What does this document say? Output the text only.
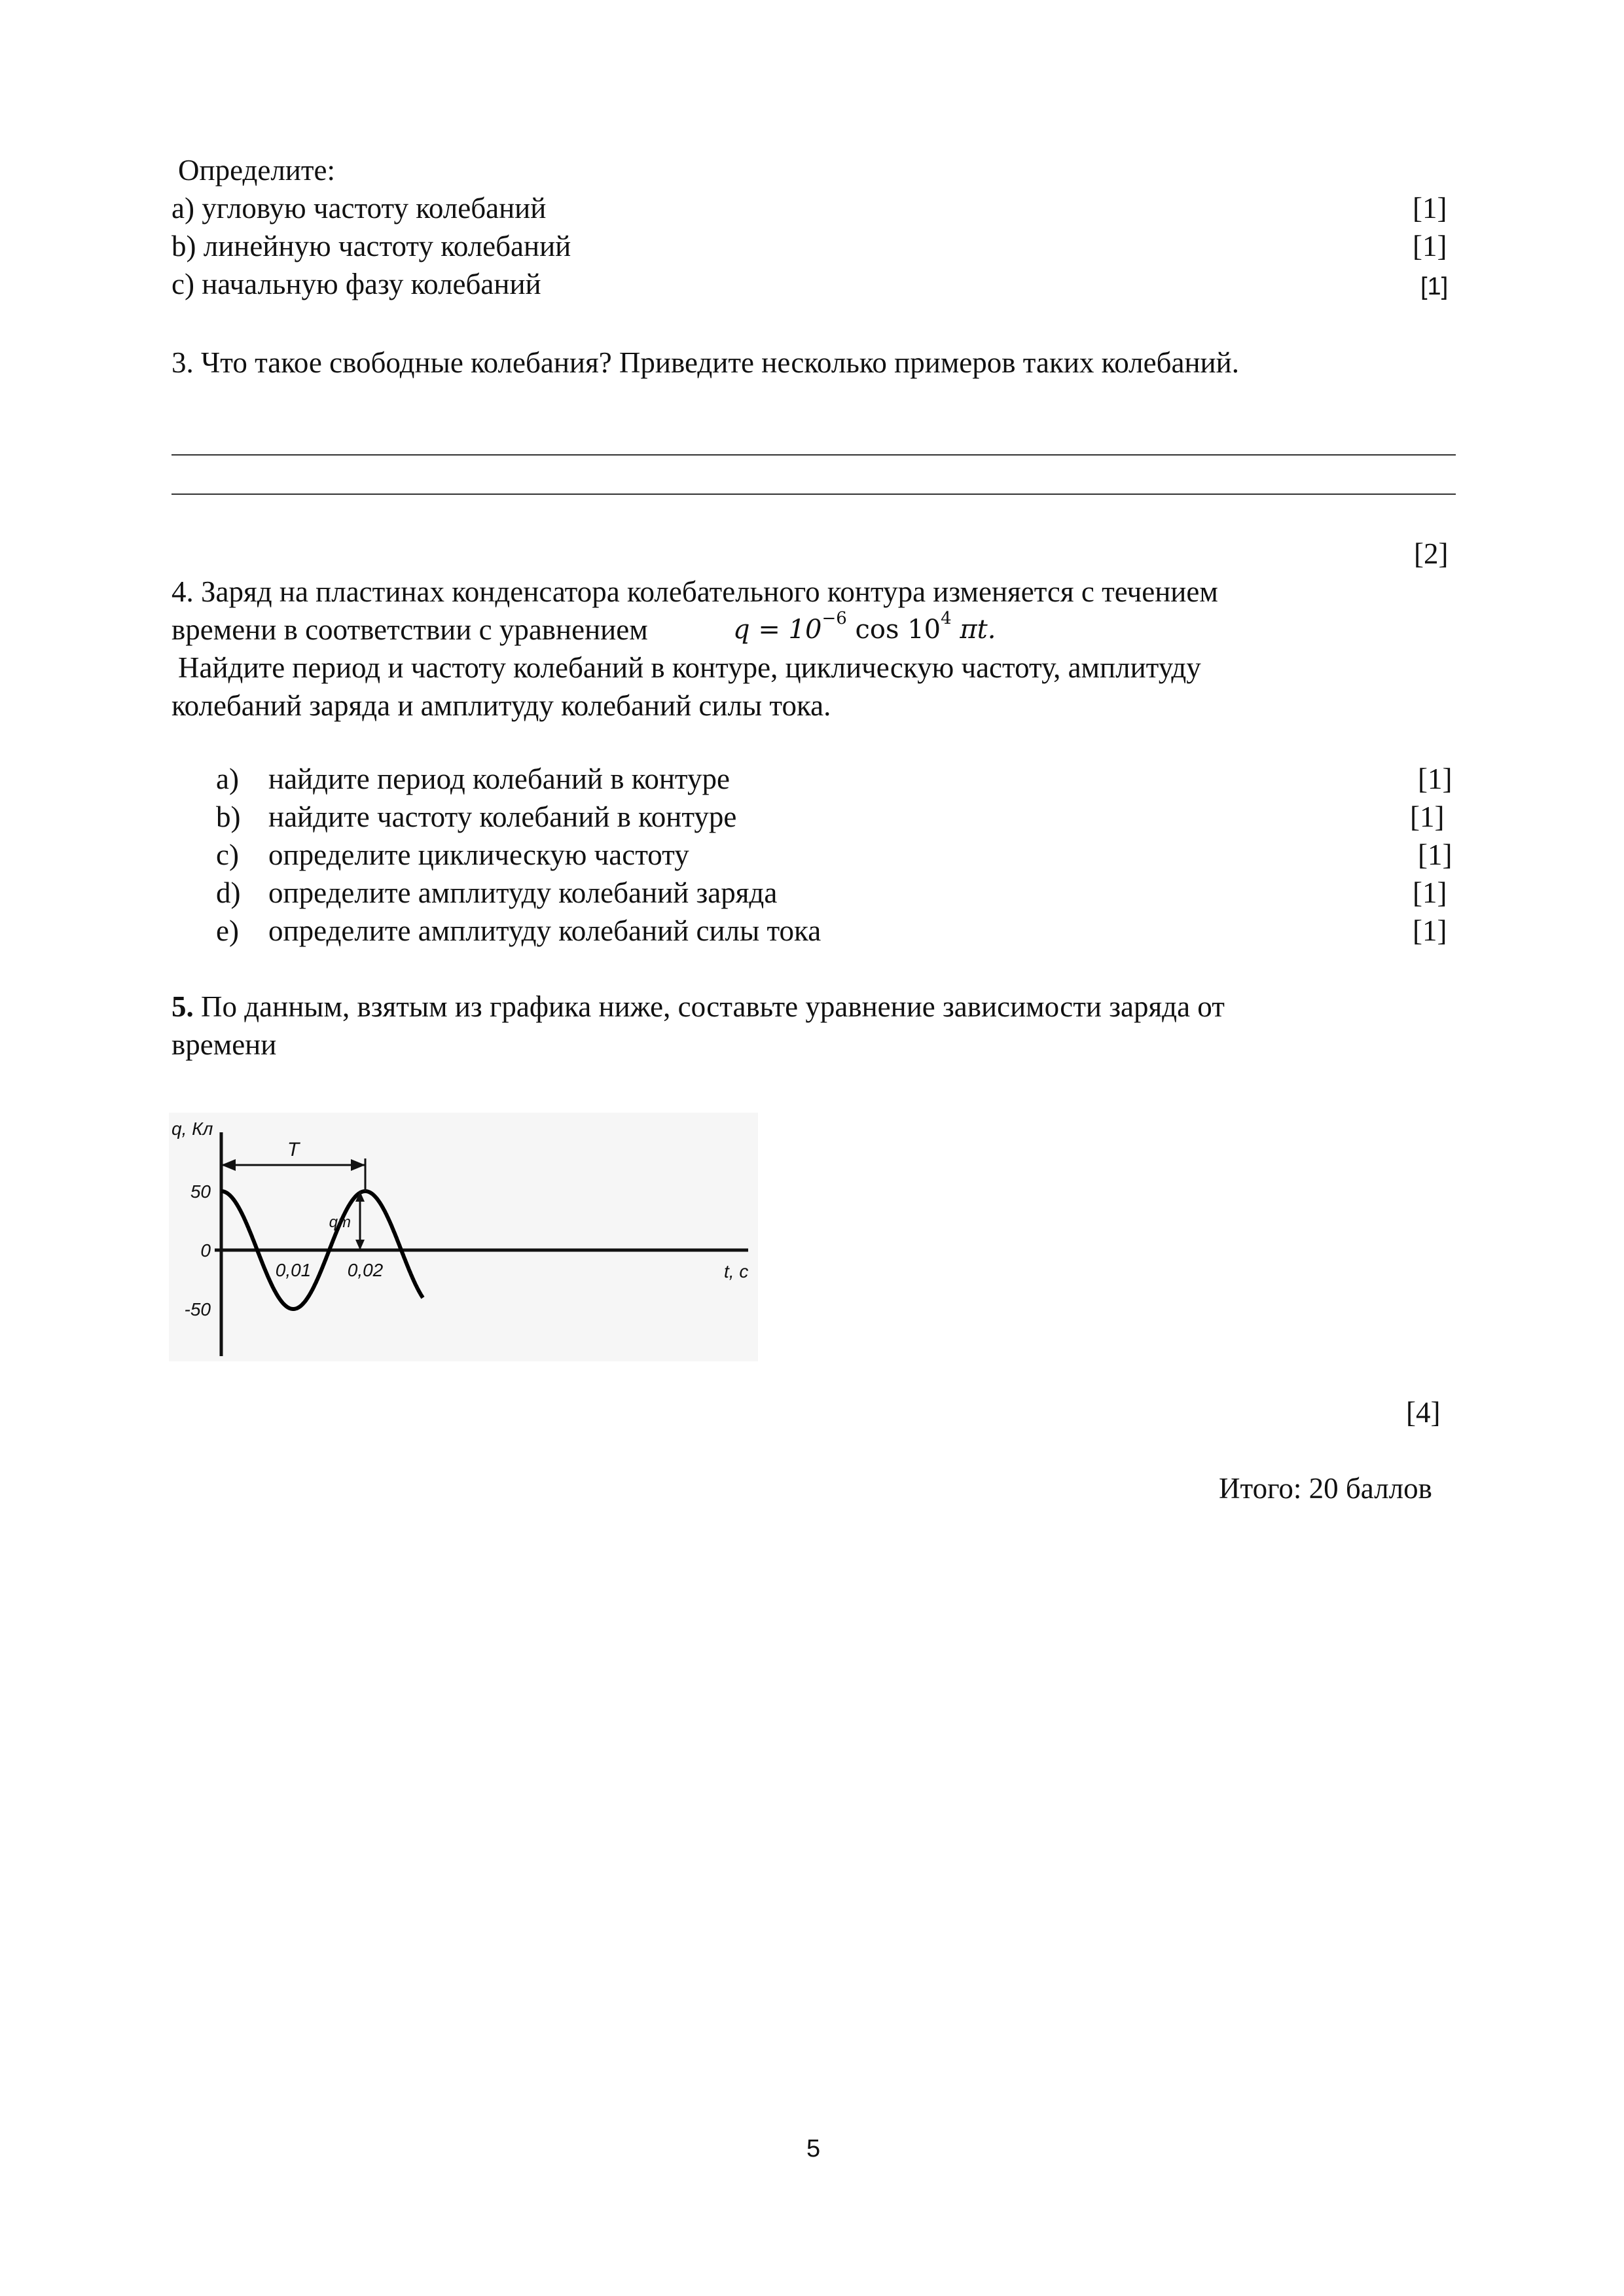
Определите:
а) угловую частоту колебаний	[1]
b) линейную частоту колебаний	[1]
с) начальную фазу колебаний	[1]
3. Что такое свободные колебания? Приведите несколько примеров таких колебаний.
[2]
4. Заряд на пластинах конденсатора колебательного контура изменяется с течением
времени в соответствии с уравнением	$q = 10^{-6}$ $\cos 10^4$ πt.
Найдите период и частоту колебаний в контуре, циклическую частоту, амплитуду
колебаний заряда и амплитуду колебаний силы тока.
a) найдите период колебаний в контуре	[1]
b) найдите частоту колебаний в контуре	[1]
c) определите циклическую частоту	[1]
d) определите амплитуду колебаний заряда	[1]
e) определите амплитуду колебаний силы тока	[1]
5. По данным, взятым из графика ниже, составьте уравнение зависимости заряда от
времени
q, Кл
t, c
50
0
-50
0,01 0,02
T
qm
[4]
Итого: 20 баллов
5
